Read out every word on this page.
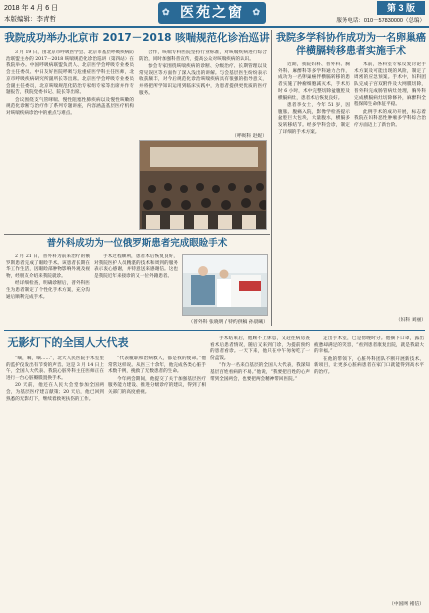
2018 年 4 月 6 日
本版编辑：李青哲
✿ 医苑之窗 ✿	第 3 版
服务电话：010－57830000（总编）
我院成功举办北京市 2017－2018 咳喘规范化诊治巡讲

3 月 19 日，由北京市呼吸医学会、北京市基层呼吸疾病防治联盟主办的 2017－2018 咳喘规范化诊治巡讲（第四站）在我院举办。中国呼吸病联盟负责人、北京医学会呼吸专业委员会主任委员、中日友好医院呼吸与危重症医学科主任医师，北京市呼吸疾病研究所副所长等出席。北京医学会呼吸专业委员会副主任委员，北京咳喘规范化防治专家组专家等出席并作专题报告，我院党委书记、院长等出席。

会议围绕支气管哮喘、慢性阻塞性肺疾病以及慢性咳嗽的规范化诊断与治疗作了系列专题讲座，内容涵盖基层医疗机构对咳喘疾病诊治中的重点与难点。

合作，咳喘专科医院坚持行业标准，对咳喘疾病进行综合防治，同时加强科普宣传，提高公众对咳喘疾病的认识。

参会专家围绕咳喘疾病的诊断、分级治疗、长期管理以及常见误区等方面作了深入浅出的讲解。与会基层医生纷纷表示收获颇丰，对今后规范化诊治咳喘疾病具有很强的指导意义，并将把所学知识运用到临床实践中，为患者提供更优质的医疗服务。

（呼吸科 赵妮）
我院多学科协作成功为一名卵巢癌伴横膈转移患者实施手术

近期，我院妇科、普外科、胸外科、麻醉科等多学科通力合作，成功为一名卵巢癌伴横膈转移的患者实施了肿瘤细胞减灭术，手术历时 6 小时，术中完整切除盆腹腔及横膈病灶，患者术后恢复良好。

患者李女士，今年 51 岁，因腹胀、腹痛入院，影像学检查提示盆腔巨大包块，大量腹水，横膈多发转移结节。经多学科会诊，制定了详细的手术方案。

术前，各科室专家反复讨论手术方案及可能出现的风险，制定了周密的应急预案。手术中，妇科团队完成子宫双附件及大网膜切除，普外科完成肠管病灶处理，胸外科完成横膈病灶切除修补，麻醉科全程保障生命体征平稳。

此例手术的成功开展，标志着我院在妇科恶性肿瘤多学科综合治疗方面迈上了新台阶。

（妇科 刘丽）
普外科成功为一位俄罗斯患者完成眼睑手术

2 月 21 日，普外科为前来治疗的俄罗斯患者完成了眼睑手术。该患者长期在华工作生活，因眼睑部肿物影响外观及视物，经朋友介绍来我院就诊。

经详细检查，明确诊断后，普外科医生为患者制定了个性化手术方案，充分沟通后顺利完成手术。

手术过程顺利，患者术后恢复良好，对我院医护人员精湛的技术和周到的服务表示衷心感谢，并特意送来感谢信。这也是我院近年来接诊的又一位外籍患者。

（普外科 张晓明 / 特约供稿 孙晨曦）
无影灯下的全国人大代表

“嘀，嘀，嘀……”，北大人民医院手术室里的监护仪发出有节奏的声音。这是 3 月 14 日上午，全国人大代表、我院心脏外科主任医师正在进行一台心脏瓣膜置换手术。

20 天前，他还在人民大会堂参加全国两会，为基层医疗建言献策；20 天后，他已回到熟悉的无影灯下，继续着救死扶伤的工作。

“代表履职和治病救人，都是我的使命。”他常常这样说。从医三十余年，他完成各类心脏手术数千例，挽救了无数患者的生命。

今年两会期间，他提交了关于加强基层医疗服务能力建设、推进分级诊疗的建议，得到了相关部门的高度重视。

手术结束后，他顾不上休息，又赶往病房查看术后患者情况，随后又来到门诊，为提前预约的患者看诊。一天下来，他只在中午匆匆吃了一份盒饭。

“作为一名来自基层的全国人大代表，我深知基层百姓看病的不易。”他说，“我要把百姓的心声带到全国两会，也要把两会精神带回医院。”

走出手术室，已是傍晚时分。他摘下口罩，露出疲惫却满足的笑容，“看到患者康复出院，就是我最大的幸福。”

在他的带领下，心脏外科团队不断开展新技术、新项目，让更多心脏病患者在家门口就能得到高水平的治疗。

（中国网 褚信）
